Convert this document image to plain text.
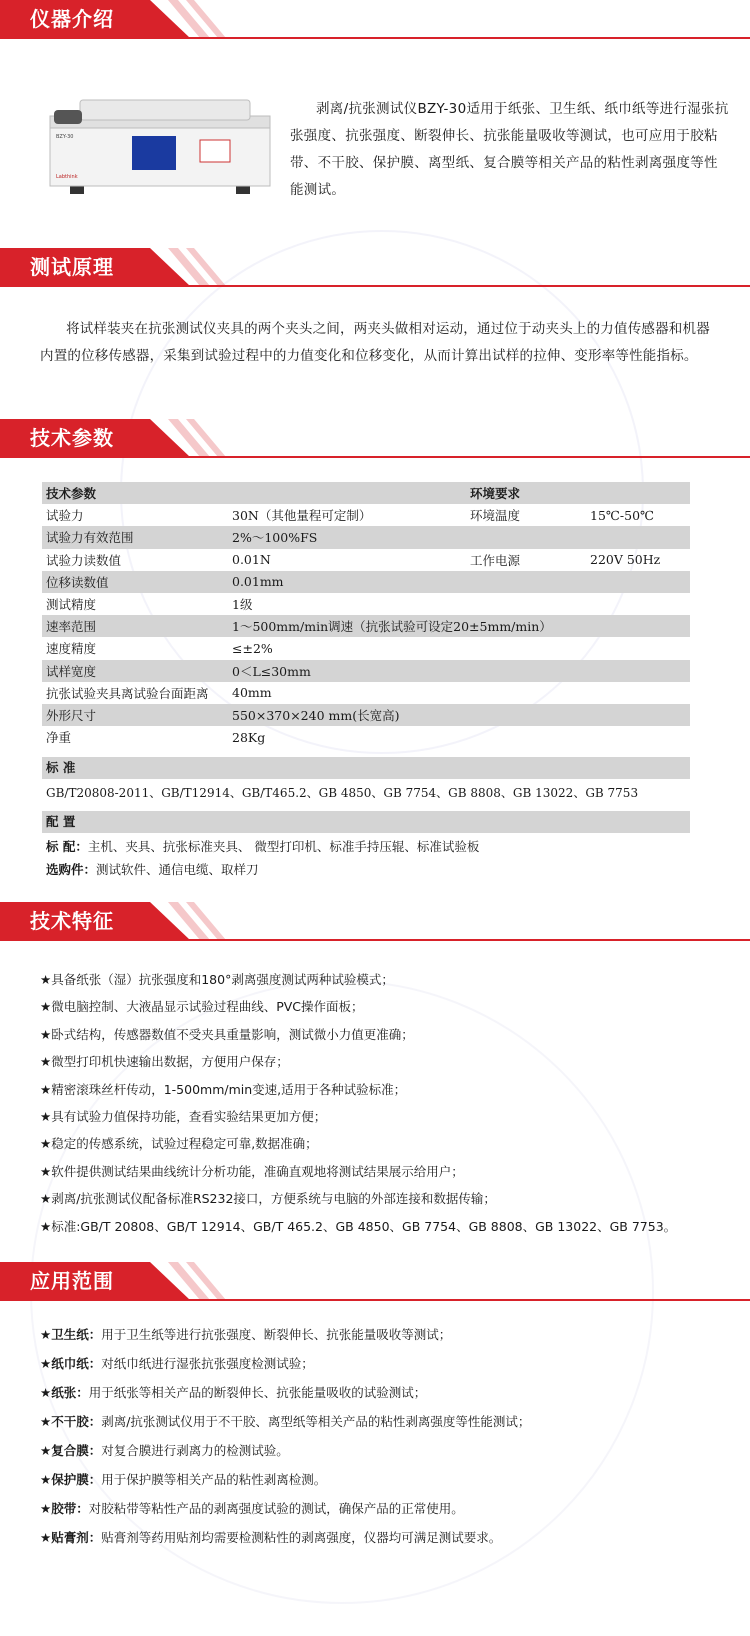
仪器介绍
BZY-30
Labthink
剥离/抗张测试仪BZY-30适用于纸张、卫生纸、纸巾纸等进行湿张抗张强度、抗张强度、断裂伸长、抗张能量吸收等测试，也可应用于胶粘带、不干胶、保护膜、离型纸、复合膜等相关产品的粘性剥离强度等性能测试。
测试原理
将试样装夹在抗张测试仪夹具的两个夹头之间，两夹头做相对运动，通过位于动夹头上的力值传感器和机器内置的位移传感器，采集到试验过程中的力值变化和位移变化，从而计算出试样的拉伸、变形率等性能指标。
技术参数
技术参数		环境要求	
试验力	30N（其他量程可定制）	环境温度	15℃-50℃
试验力有效范围	2%～100%FS		
试验力读数值	0.01N	工作电源	220V 50Hz
位移读数值	0.01mm		
测试精度	1级		
速率范围	1～500mm/min调速（抗张试验可设定20±5mm/min）		
速度精度	≤±2%		
试样宽度	0＜L≤30mm		
抗张试验夹具离试验台面距离	40mm		
外形尺寸	550×370×240 mm(长宽高)		
净重	28Kg		
标 准
GB/T20808-2011、GB/T12914、GB/T465.2、GB 4850、GB 7754、GB 8808、GB 13022、GB 7753
配 置
标 配：主机、夹具、抗张标准夹具、 微型打印机、标准手持压辊、标准试验板
选购件：测试软件、通信电缆、取样刀
技术特征
★具备纸张（湿）抗张强度和180°剥离强度测试两种试验模式；
★微电脑控制、大液晶显示试验过程曲线、PVC操作面板；
★卧式结构，传感器数值不受夹具重量影响，测试微小力值更准确；
★微型打印机快速输出数据，方便用户保存；
★精密滚珠丝杆传动，1-500mm/min变速,适用于各种试验标准；
★具有试验力值保持功能，查看实验结果更加方便；
★稳定的传感系统，试验过程稳定可靠,数据准确；
★软件提供测试结果曲线统计分析功能，准确直观地将测试结果展示给用户；
★剥离/抗张测试仪配备标准RS232接口，方便系统与电脑的外部连接和数据传输；
★标准:GB/T 20808、GB/T 12914、GB/T 465.2、GB 4850、GB 7754、GB 8808、GB 13022、GB 7753。
应用范围
★卫生纸：用于卫生纸等进行抗张强度、断裂伸长、抗张能量吸收等测试；
★纸巾纸：对纸巾纸进行湿张抗张强度检测试验；
★纸张：用于纸张等相关产品的断裂伸长、抗张能量吸收的试验测试；
★不干胶：剥离/抗张测试仪用于不干胶、离型纸等相关产品的粘性剥离强度等性能测试；
★复合膜：对复合膜进行剥离力的检测试验。
★保护膜：用于保护膜等相关产品的粘性剥离检测。
★胶带：对胶粘带等粘性产品的剥离强度试验的测试，确保产品的正常使用。
★贴膏剂：贴膏剂等药用贴剂均需要检测粘性的剥离强度，仪器均可满足测试要求。
